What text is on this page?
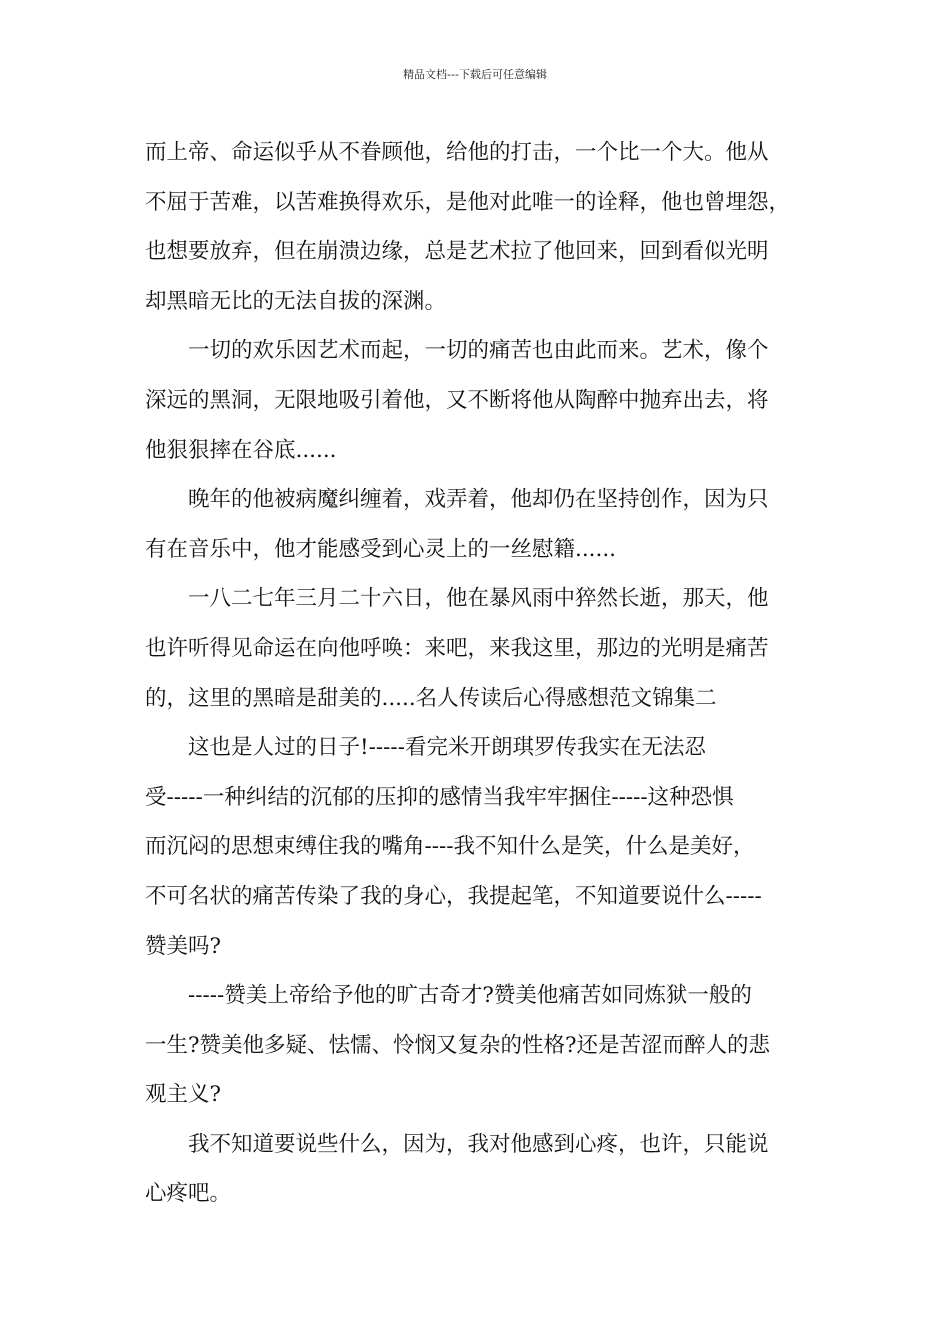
精品文档---下载后可任意编辑
而上帝、命运似乎从不眷顾他，给他的打击，一个比一个大。他从
不屈于苦难，以苦难换得欢乐，是他对此唯一的诠释，他也曾埋怨，
也想要放弃，但在崩溃边缘，总是艺术拉了他回来，回到看似光明
却黑暗无比的无法自拔的深渊。
一切的欢乐因艺术而起，一切的痛苦也由此而来。艺术，像个
深远的黑洞，无限地吸引着他，又不断将他从陶醉中抛弃出去，将
他狠狠摔在谷底......
晚年的他被病魔纠缠着，戏弄着，他却仍在坚持创作，因为只
有在音乐中，他才能感受到心灵上的一丝慰籍......
一八二七年三月二十六日，他在暴风雨中猝然长逝，那天，他
也许听得见命运在向他呼唤：来吧，来我这里，那边的光明是痛苦
的，这里的黑暗是甜美的.....名人传读后心得感想范文锦集二
这也是人过的日子!-----看完米开朗琪罗传我实在无法忍
受-----一种纠结的沉郁的压抑的感情当我牢牢捆住-----这种恐惧
而沉闷的思想束缚住我的嘴角----我不知什么是笑，什么是美好，
不可名状的痛苦传染了我的身心，我提起笔，不知道要说什么-----
赞美吗?
-----赞美上帝给予他的旷古奇才?赞美他痛苦如同炼狱一般的
一生?赞美他多疑、怯懦、怜悯又复杂的性格?还是苦涩而醉人的悲
观主义?
我不知道要说些什么，因为，我对他感到心疼，也许，只能说
心疼吧。
